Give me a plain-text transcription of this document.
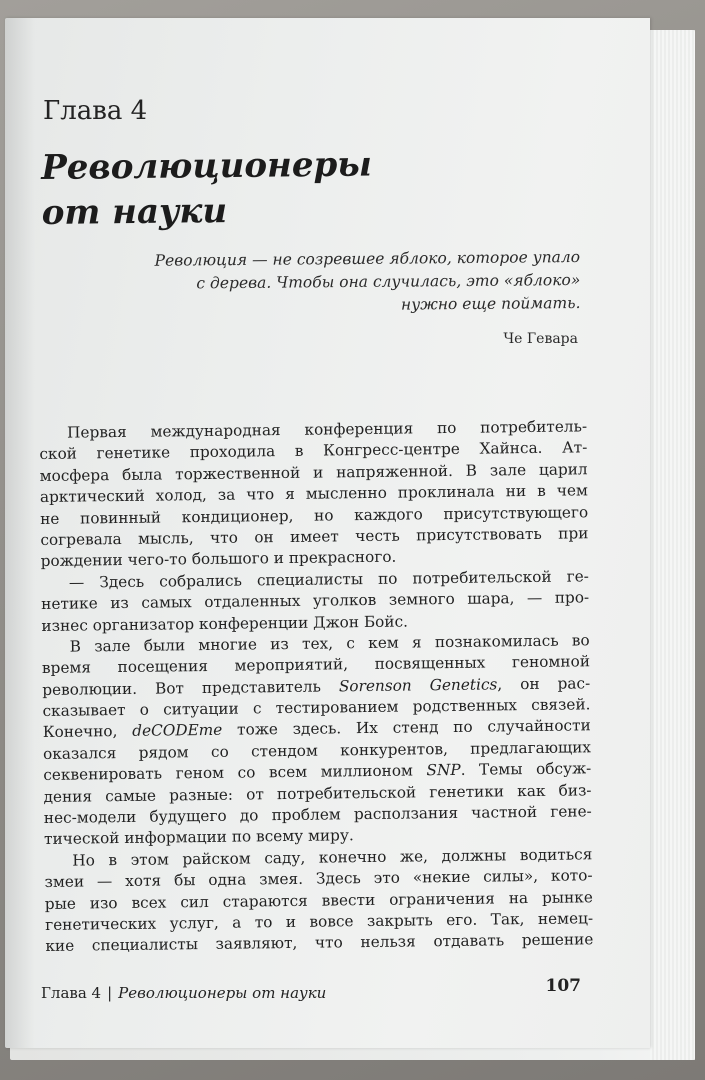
Глава 4
Революционеры
от науки
Революция — не созревшее яблоко, которое упало
с дерева. Чтобы она случилась, это «яблоко»
нужно еще поймать.
Че Гевара
Первая международная конференция по потребитель-
ской генетике проходила в Конгресс-центре Хайнса. Ат-
мосфера была торжественной и напряженной. В зале царил
арктический холод, за что я мысленно проклинала ни в чем
не повинный кондиционер, но каждого присутствующего
согревала мысль, что он имеет честь присутствовать при
рождении чего-то большого и прекрасного.
— Здесь собрались специалисты по потребительской ге-
нетике из самых отдаленных уголков земного шара, — про-
изнес организатор конференции Джон Бойс.
В зале были многие из тех, с кем я познакомилась во
время посещения мероприятий, посвященных геномной
революции. Вот представитель Sorenson Genetics, он рас-
сказывает о ситуации с тестированием родственных связей.
Конечно, deCODEme тоже здесь. Их стенд по случайности
оказался рядом со стендом конкурентов, предлагающих
секвенировать геном со всем миллионом SNP. Темы обсуж-
дения самые разные: от потребительской генетики как биз-
нес-модели будущего до проблем расползания частной гене-
тической информации по всему миру.
Но в этом райском саду, конечно же, должны водиться
змеи — хотя бы одна змея. Здесь это «некие силы», кото-
рые изо всех сил стараются ввести ограничения на рынке
генетических услуг, а то и вовсе закрыть его. Так, немец-
кие специалисты заявляют, что нельзя отдавать решение
Глава 4 | Революционеры от науки	107
